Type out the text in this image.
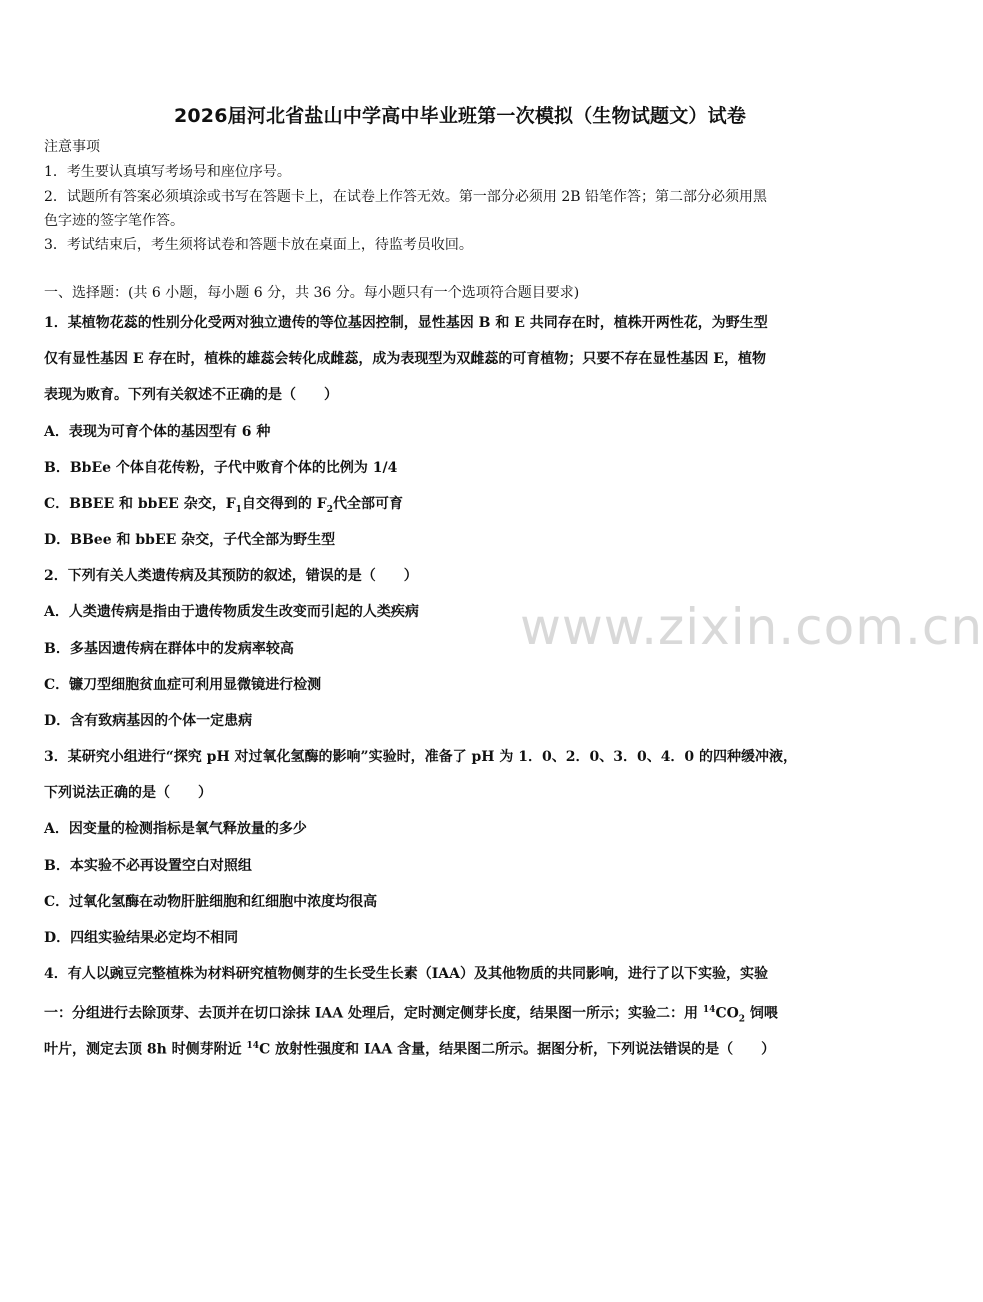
2026届河北省盐山中学高中毕业班第一次模拟（生物试题文）试卷
注意事项
1．考生要认真填写考场号和座位序号。
2．试题所有答案必须填涂或书写在答题卡上，在试卷上作答无效。第一部分必须用 2B 铅笔作答；第二部分必须用黑
色字迹的签字笔作答。
3．考试结束后，考生须将试卷和答题卡放在桌面上，待监考员收回。
一、选择题：(共 6 小题，每小题 6 分，共 36 分。每小题只有一个选项符合题目要求)
1．某植物花蕊的性别分化受两对独立遗传的等位基因控制，显性基因 B 和 E 共同存在时，植株开两性花，为野生型
仅有显性基因 E 存在时，植株的雄蕊会转化成雌蕊，成为表现型为双雌蕊的可育植物；只要不存在显性基因 E，植物
表现为败育。下列有关叙述不正确的是（　　）
A．表现为可育个体的基因型有 6 种
B．BbEe 个体自花传粉，子代中败育个体的比例为 1/4
C．BBEE 和 bbEE 杂交，$F_1$自交得到的 $F_2$代全部可育
D．BBee 和 bbEE 杂交，子代全部为野生型
2．下列有关人类遗传病及其预防的叙述，错误的是（　　）
A．人类遗传病是指由于遗传物质发生改变而引起的人类疾病
B．多基因遗传病在群体中的发病率较高
C．镰刀型细胞贫血症可利用显微镜进行检测
D．含有致病基因的个体一定患病
3．某研究小组进行“探究 pH 对过氧化氢酶的影响”实验时，准备了 pH 为 1．0、2．0、3．0、4．0 的四种缓冲液，
下列说法正确的是（　　）
A．因变量的检测指标是氧气释放量的多少
B．本实验不必再设置空白对照组
C．过氧化氢酶在动物肝脏细胞和红细胞中浓度均很高
D．四组实验结果必定均不相同
4．有人以豌豆完整植株为材料研究植物侧芽的生长受生长素（IAA）及其他物质的共同影响，进行了以下实验，实验
一：分组进行去除顶芽、去顶并在切口涂抹 IAA 处理后，定时测定侧芽长度，结果图一所示；实验二：用 $^{14}CO_2$ 饲喂
叶片，测定去顶 8h 时侧芽附近 $^{14}$C 放射性强度和 IAA 含量，结果图二所示。据图分析，下列说法错误的是（　　）
www.zixin.com.cn
